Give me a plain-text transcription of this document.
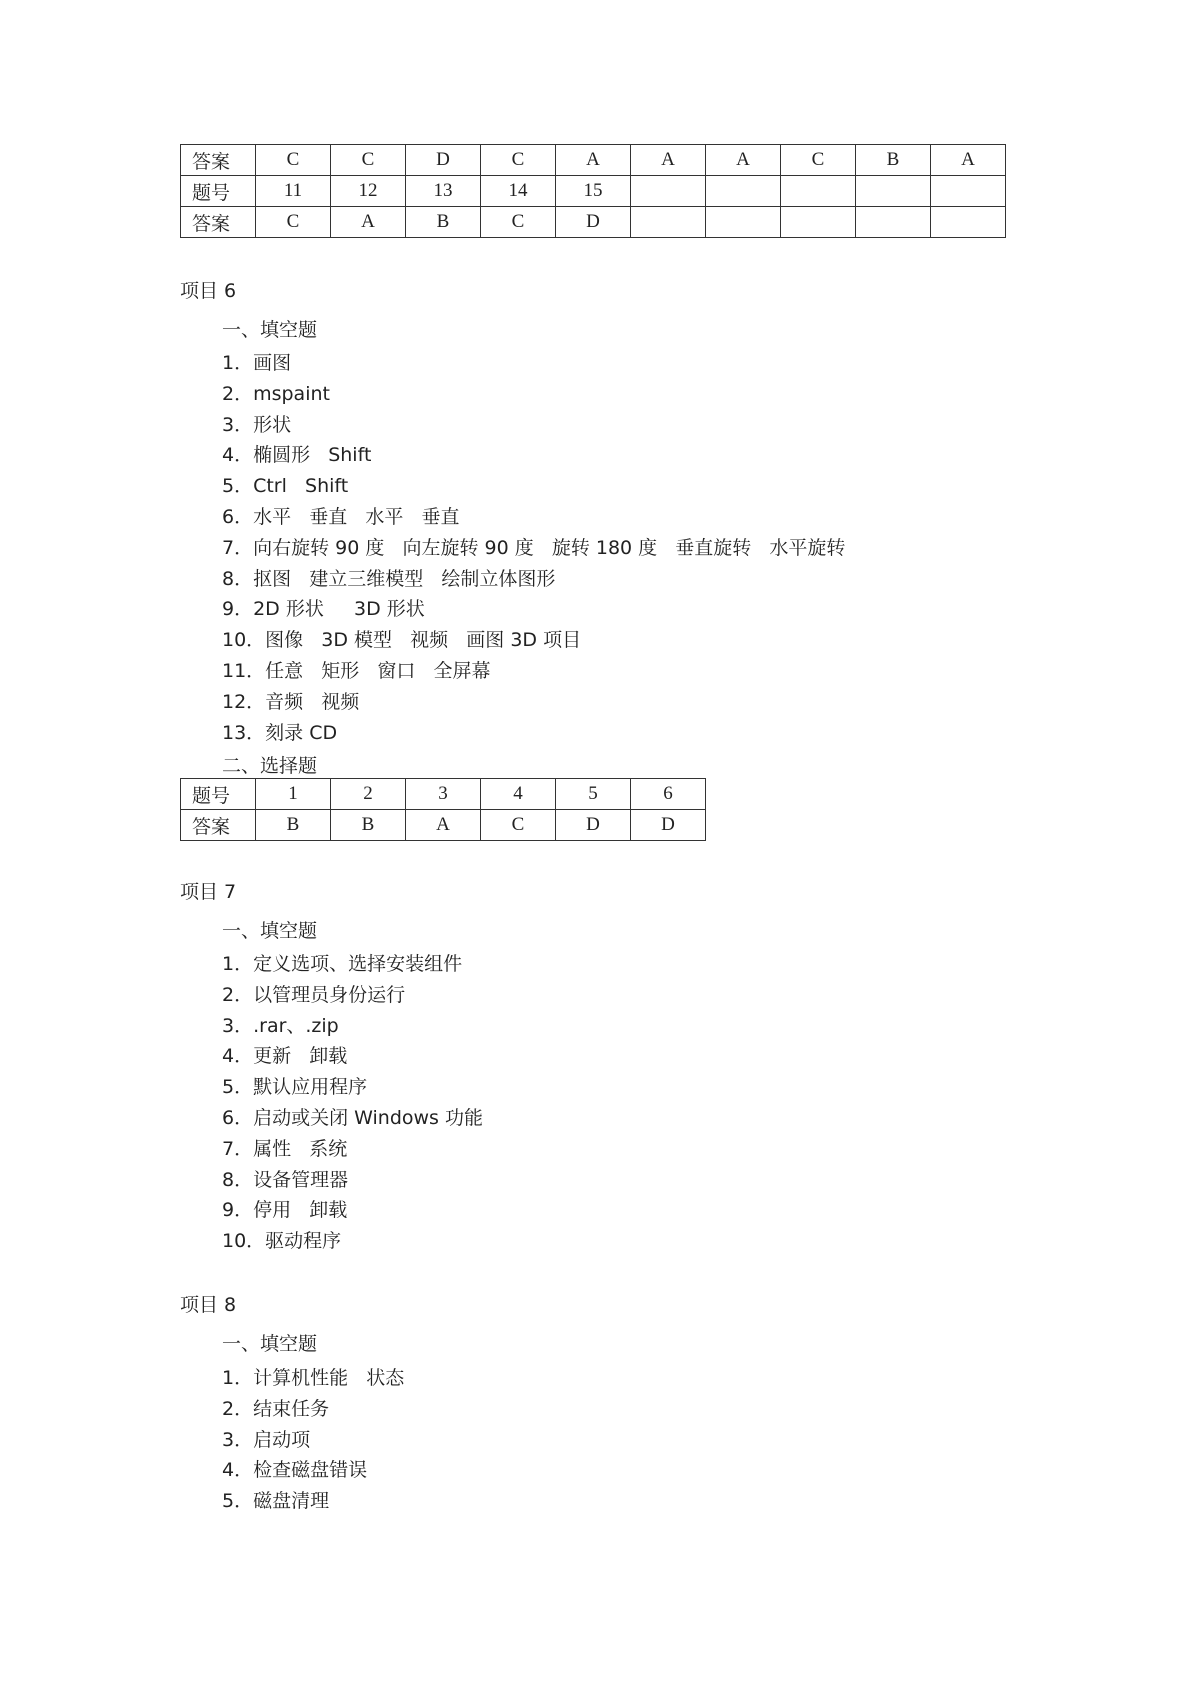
答案	C	C	D	C	A	A	A	C	B	A
题号	11	12	13	14	15					
答案	C	A	B	C	D					
项目 6
一、填空题
1．画图
2．mspaint
3．形状
4．椭圆形   Shift
5．Ctrl   Shift
6．水平   垂直   水平   垂直
7．向右旋转 90 度   向左旋转 90 度   旋转 180 度   垂直旋转   水平旋转
8．抠图   建立三维模型   绘制立体图形
9．2D 形状     3D 形状
10．图像   3D 模型   视频   画图 3D 项目
11．任意   矩形   窗口   全屏幕
12．音频   视频
13．刻录 CD
二、选择题
题号	1	2	3	4	5	6
答案	B	B	A	C	D	D
项目 7
一、填空题
1．定义选项、选择安装组件
2．以管理员身份运行
3．.rar、.zip
4．更新   卸载
5．默认应用程序
6．启动或关闭 Windows 功能
7．属性   系统
8．设备管理器
9．停用   卸载
10．驱动程序
项目 8
一、填空题
1．计算机性能   状态
2．结束任务
3．启动项
4．检查磁盘错误
5．磁盘清理
